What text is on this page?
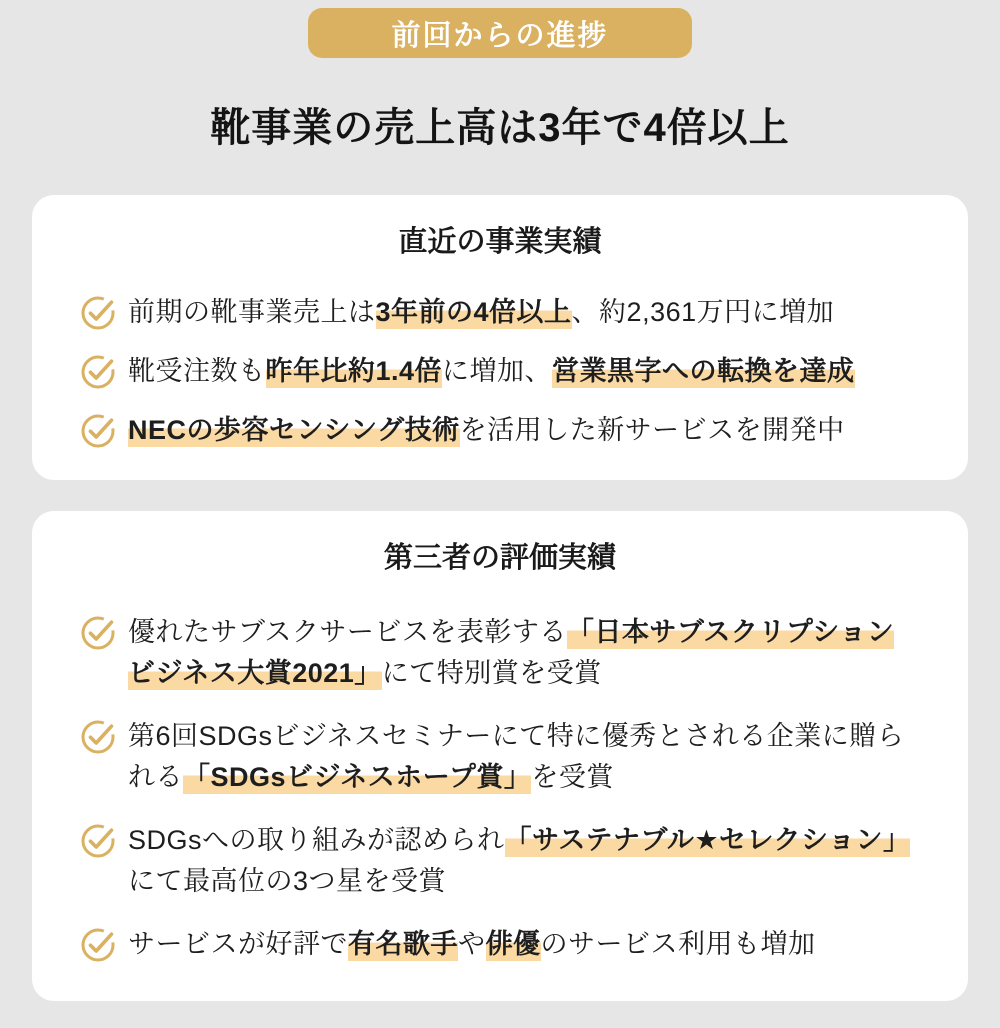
前回からの進捗
靴事業の売上高は3年で4倍以上
直近の事業実績

前期の靴事業売上は3年前の4倍以上、約2,361万円に増加

靴受注数も昨年比約1.4倍に増加、営業黒字への転換を達成

NECの歩容センシング技術を活用した新サービスを開発中

第三者の評価実績

優れたサブスクサービスを表彰する「日本サブスクリプションビジネス大賞2021」にて特別賞を受賞

第6回SDGsビジネスセミナーにて特に優秀とされる企業に贈られる「SDGsビジネスホープ賞」を受賞

SDGsへの取り組みが認められ「サステナブル★セレクション」にて最高位の3つ星を受賞

サービスが好評で有名歌手や俳優のサービス利用も増加
